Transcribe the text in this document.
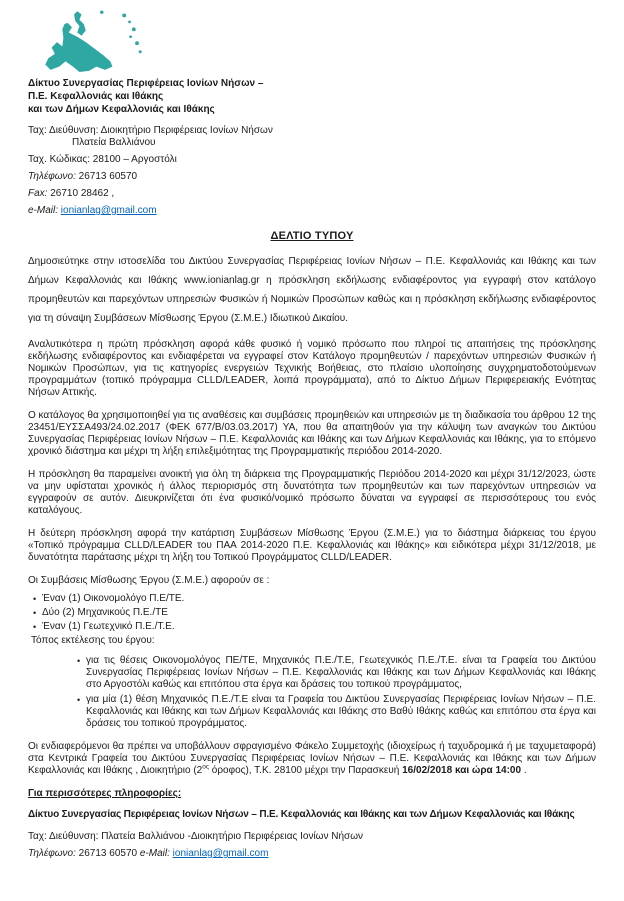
Δίκτυο Συνεργασίας Περιφέρειας Ιονίων Νήσων –
Π.Ε. Κεφαλλονιάς και Ιθάκης
και των Δήμων Κεφαλλονιάς και Ιθάκης
Ταχ: Διεύθυνση: Διοικητήριο Περιφέρειας Ιονίων Νήσων
Πλατεία Βαλλιάνου
Ταχ. Κώδικας: 28100 – Αργοστόλι
Τηλέφωνο: 26713 60570
Fax: 26710 28462 ,
e-Mail: ionianlag@gmail.com
ΔΕΛΤΙΟ ΤΥΠΟΥ
Δημοσιεύτηκε στην ιστοσελίδα του Δικτύου Συνεργασίας Περιφέρειας Ιονίων Νήσων – Π.Ε. Κεφαλλονιάς και Ιθάκης και των Δήμων Κεφαλλονιάς και Ιθάκης www.ionianlag.gr η πρόσκληση εκδήλωσης ενδιαφέροντος για εγγραφή στον κατάλογο προμηθευτών και παρεχόντων υπηρεσιών Φυσικών ή Νομικών Προσώπων καθώς και η πρόσκληση εκδήλωσης ενδιαφέροντος για τη σύναψη Συμβάσεων Μίσθωσης Έργου (Σ.Μ.Ε.) Ιδιωτικού Δικαίου.
Αναλυτικότερα η πρώτη πρόσκληση αφορά κάθε φυσικό ή νομικό πρόσωπο που πληροί τις απαιτήσεις της πρόσκλησης εκδήλωσης ενδιαφέροντος και ενδιαφέρεται να εγγραφεί στον Κατάλογο προμηθευτών / παρεχόντων υπηρεσιών Φυσικών ή Νομικών Προσώπων, για τις κατηγορίες ενεργειών Τεχνικής Βοήθειας, στο πλαίσιο υλοποίησης συγχρηματοδοτούμενων προγραμμάτων (τοπικό πρόγραμμα CLLD/LEADER, λοιπά προγράμματα), από το Δίκτυο Δήμων Περιφερειακής Ενότητας Νήσων Αττικής.
Ο κατάλογος θα χρησιμοποιηθεί για τις αναθέσεις και συμβάσεις προμηθειών και υπηρεσιών με τη διαδικασία του άρθρου 12 της 23451/ΕΥΣΣΑ493/24.02.2017 (ΦΕΚ 677/Β/03.03.2017) ΥΑ, που θα απαιτηθούν για την κάλυψη των αναγκών του Δικτύου Συνεργασίας Περιφέρειας Ιονίων Νήσων – Π.Ε. Κεφαλλονιάς και Ιθάκης και των Δήμων Κεφαλλονιάς και Ιθάκης, για το επόμενο χρονικό διάστημα και μέχρι τη λήξη επιλεξιμότητας της Προγραμματικής περιόδου 2014-2020.
Η πρόσκληση θα παραμείνει ανοικτή για όλη τη διάρκεια της Προγραμματικής Περιόδου 2014-2020 και μέχρι 31/12/2023, ώστε να μην υφίσταται χρονικός ή άλλος περιορισμός στη δυνατότητα των προμηθευτών και των παρεχόντων υπηρεσιών να εγγραφούν σε αυτόν. Διευκρινίζεται ότι ένα φυσικό/νομικό πρόσωπο δύναται να εγγραφεί σε περισσότερους του ενός καταλόγους.
Η δεύτερη πρόσκληση αφορά την κατάρτιση Συμβάσεων Μίσθωσης Έργου (Σ.Μ.Ε.) για το διάστημα διάρκειας του έργου «Τοπικό πρόγραμμα CLLD/LEADER του ΠΑΑ 2014-2020 Π.Ε. Κεφαλλονιάς και Ιθάκης» και ειδικότερα μέχρι 31/12/2018, με δυνατότητα παράτασης μέχρι τη λήξη του Τοπικού Προγράμματος CLLD/LEADER.
Οι Συμβάσεις Μίσθωσης Έργου (Σ.Μ.Ε.) αφορούν σε :
• Έναν (1) Οικονομολόγο Π.Ε/ΤΕ.
• Δύο (2) Μηχανικούς Π.Ε./ΤΕ
• Έναν (1) Γεωτεχνικό Π.Ε./Τ.Ε.
Τόπος εκτέλεσης του έργου:
• για τις θέσεις Οικονομολόγος ΠΕ/ΤΕ, Μηχανικός Π.Ε./Τ.Ε, Γεωτεχνικός Π.Ε./Τ.Ε. είναι τα Γραφεία του Δικτύου Συνεργασίας Περιφέρειας Ιονίων Νήσων – Π.Ε. Κεφαλλονιάς και Ιθάκης και των Δήμων Κεφαλλονιάς και Ιθάκης στο Αργοστόλι καθώς και επιτόπου στα έργα και δράσεις του τοπικού προγράμματος,
• για μία (1) θέση Μηχανικός Π.Ε./Τ.Ε είναι τα Γραφεία του Δικτύου Συνεργασίας Περιφέρειας Ιονίων Νήσων – Π.Ε. Κεφαλλονιάς και Ιθάκης και των Δήμων Κεφαλλονιάς και Ιθάκης στο Βαθύ Ιθάκης καθώς και επιτόπου στα έργα και δράσεις του τοπικού προγράμματος.
Οι ενδιαφερόμενοι θα πρέπει να υποβάλλουν σφραγισμένο Φάκελο Συμμετοχής (ιδιοχείρως ή ταχυδρομικά ή με ταχυμεταφορά) στα Κεντρικά Γραφεία του Δικτύου Συνεργασίας Περιφέρειας Ιονίων Νήσων – Π.Ε. Κεφαλλονιάς και Ιθάκης και των Δήμων Κεφαλλονιάς και Ιθάκης , Διοικητήριο ($2^{o\varsigma}$ όροφος), Τ.Κ. 28100 μέχρι την Παρασκευή 16/02/2018 και ώρα 14:00 .
Για περισσότερες πληροφορίες:
Δίκτυο Συνεργασίας Περιφέρειας Ιονίων Νήσων – Π.Ε. Κεφαλλονιάς και Ιθάκης και των Δήμων Κεφαλλονιάς και Ιθάκης
Ταχ: Διεύθυνση: Πλατεία Βαλλιάνου -Διοικητήριο Περιφέρειας Ιονίων Νήσων
Τηλέφωνο: 26713 60570 e-Mail: ionianlag@gmail.com
